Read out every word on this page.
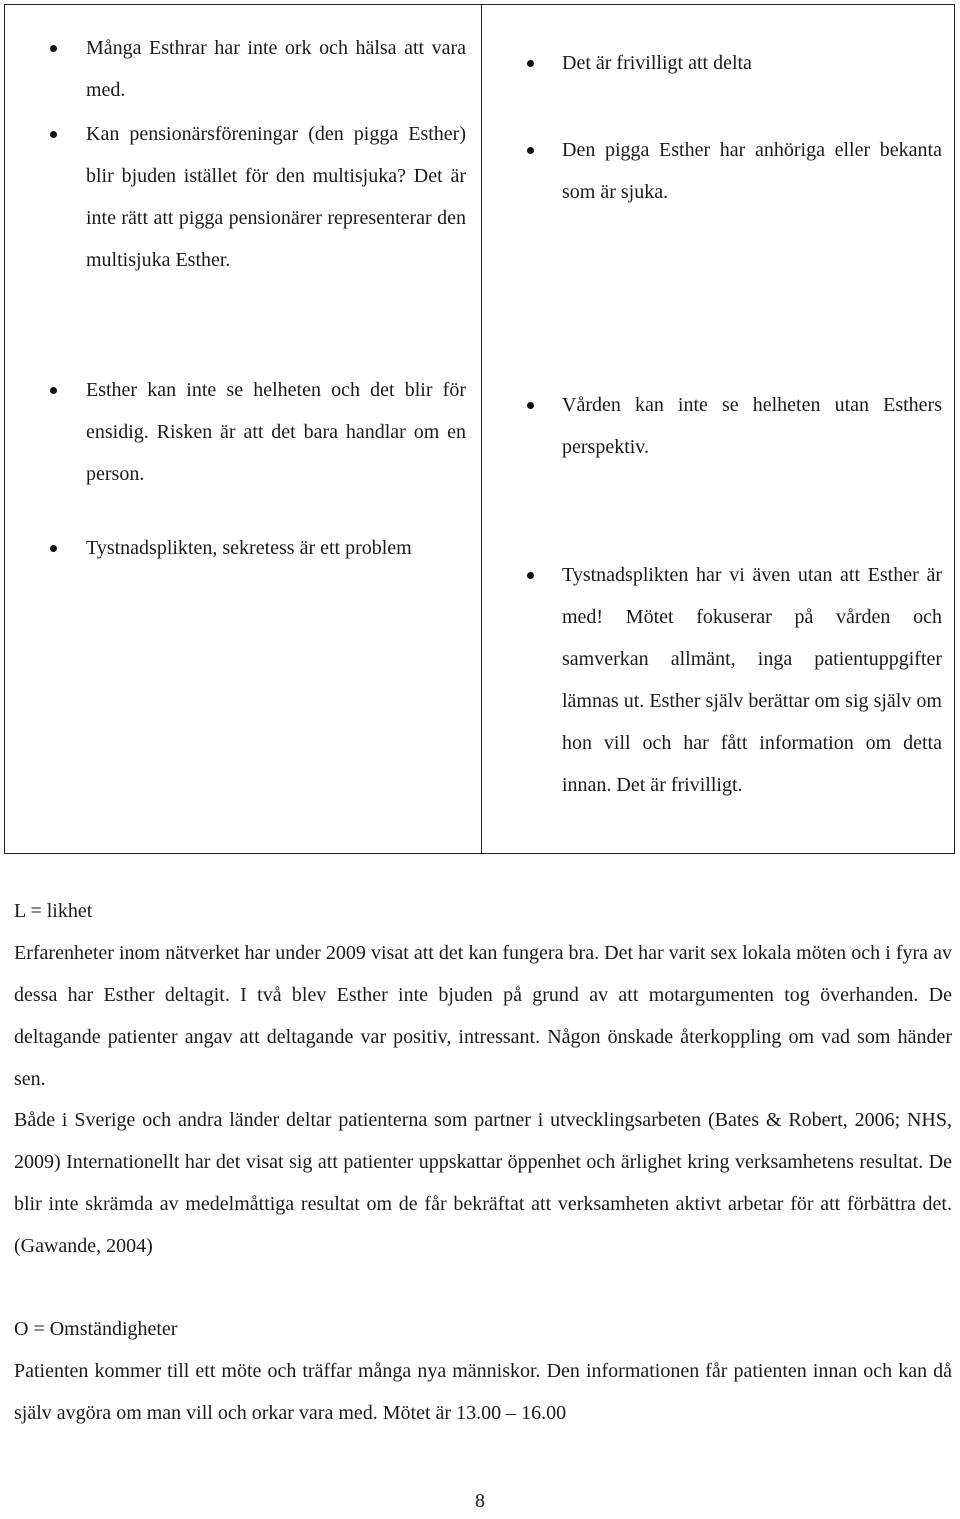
Många Esthrar har inte ork och hälsa att vara med.
Kan pensionärsföreningar (den pigga Esther) blir bjuden istället för den multisjuka? Det är inte rätt att pigga pensionärer representerar den multisjuka Esther.
Det är frivilligt att delta
Den pigga Esther har anhöriga eller bekanta som är sjuka.
Esther kan inte se helheten och det blir för ensidig. Risken är att det bara handlar om en person.
Vården kan inte se helheten utan Esthers perspektiv.
Tystnadsplikten, sekretess är ett problem
Tystnadsplikten har vi även utan att Esther är med! Mötet fokuserar på vården och samverkan allmänt, inga patientuppgifter lämnas ut. Esther själv berättar om sig själv om hon vill och har fått information om detta innan. Det är frivilligt.
L = likhet
Erfarenheter inom nätverket har under 2009 visat att det kan fungera bra. Det har varit sex lokala möten och i fyra av dessa har Esther deltagit. I två blev Esther inte bjuden på grund av att motargumenten tog överhanden. De deltagande patienter angav att deltagande var positiv, intressant. Någon önskade återkoppling om vad som händer sen.
Både i Sverige och andra länder deltar patienterna som partner i utvecklingsarbeten (Bates & Robert, 2006; NHS, 2009) Internationellt har det visat sig att patienter uppskattar öppenhet och ärlighet kring verksamhetens resultat. De blir inte skrämda av medelmåttiga resultat om de får bekräftat att verksamheten aktivt arbetar för att förbättra det. (Gawande, 2004)
O = Omständigheter
Patienten kommer till ett möte och träffar många nya människor. Den informationen får patienten innan och kan då själv avgöra om man vill och orkar vara med. Mötet är 13.00 – 16.00
8
